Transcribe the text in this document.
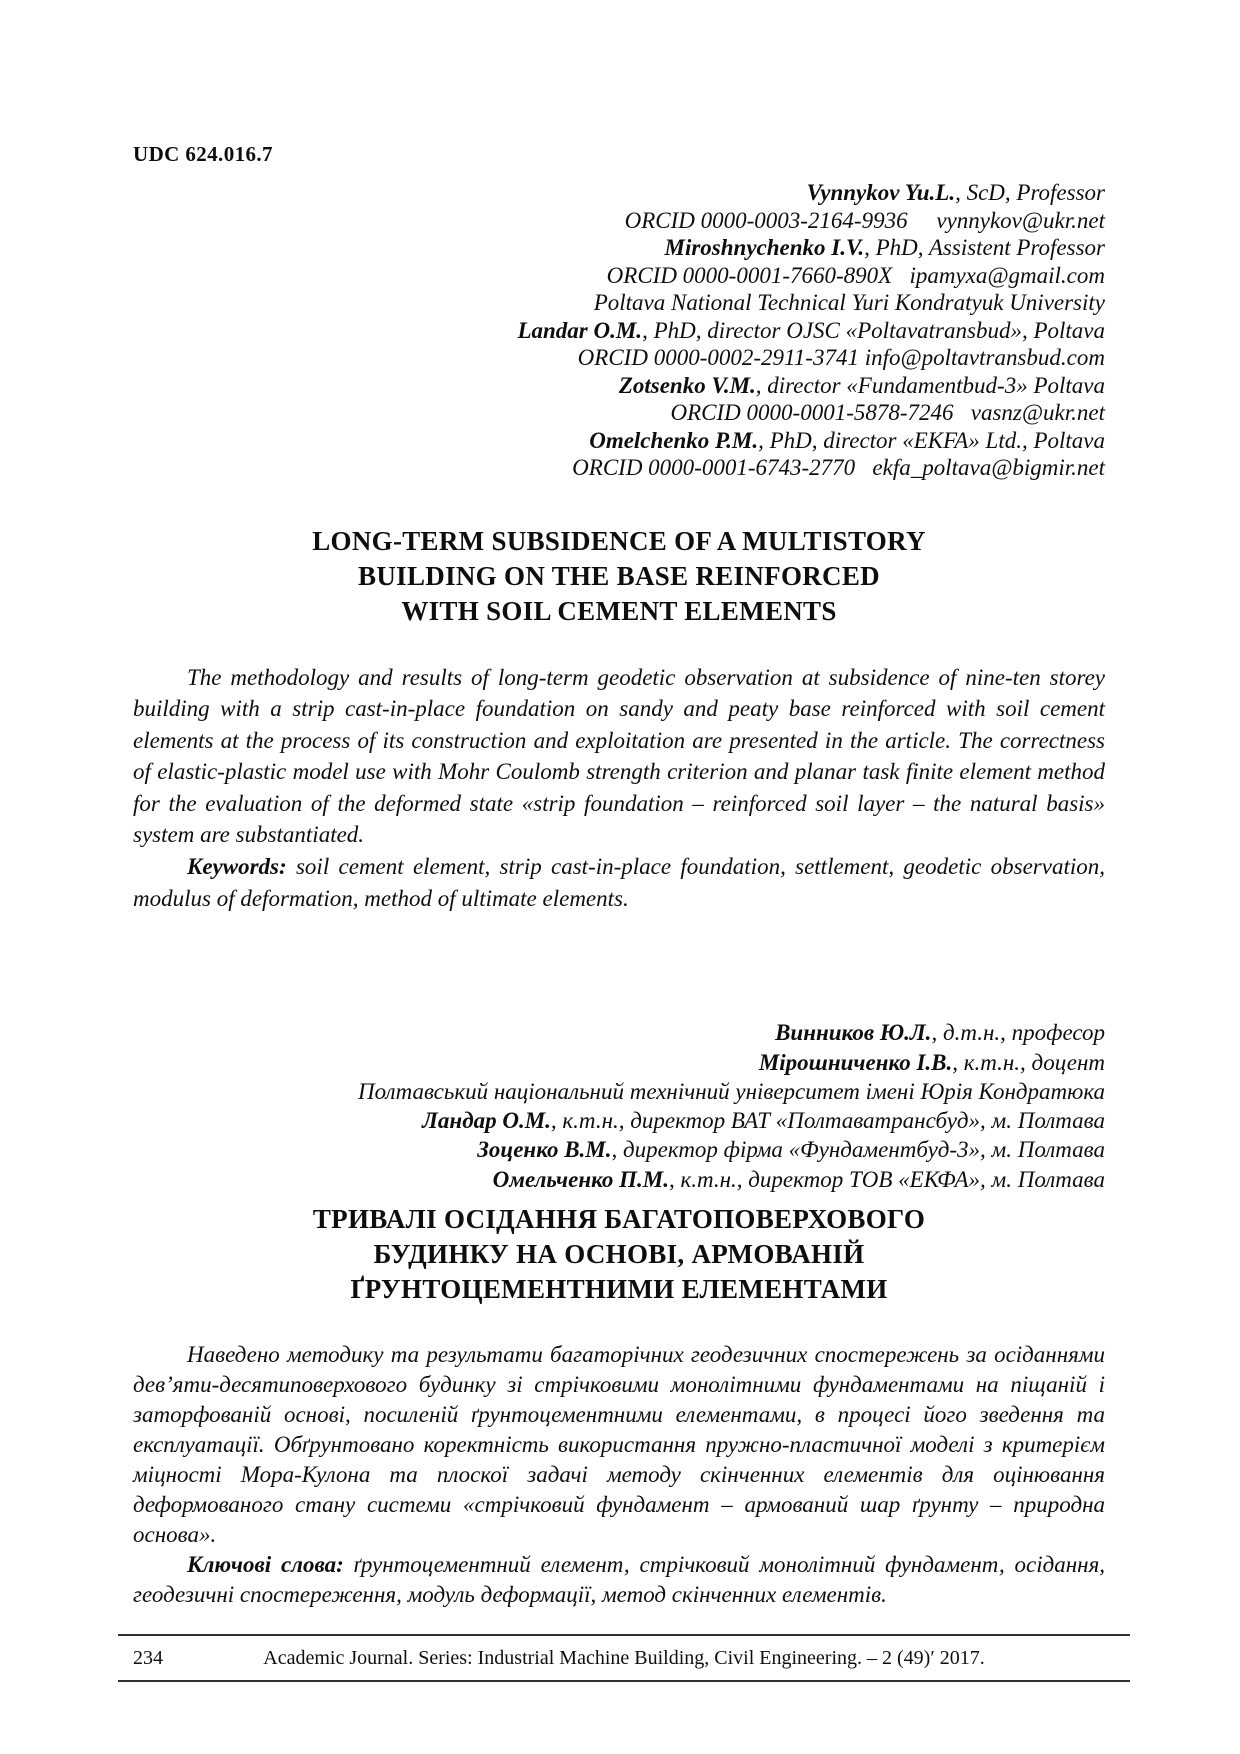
UDC 624.016.7
Vynnykov Yu.L., ScD, Professor
ORCID 0000-0003-2164-9936     vynnykov@ukr.net
Miroshnychenko I.V., PhD, Assistent Professor
ORCID 0000-0001-7660-890X   ipamyxa@gmail.com
Poltava National Technical Yuri Kondratyuk University
Landar O.M., PhD, director OJSC «Poltavatransbud», Poltava
ORCID 0000-0002-2911-3741 info@poltavtransbud.com
Zotsenko V.M., director «Fundamentbud-3» Poltava
ORCID 0000-0001-5878-7246   vasnz@ukr.net
Omelchenko P.M., PhD, director «EKFA» Ltd., Poltava
ORCID 0000-0001-6743-2770   ekfa_poltava@bigmir.net
LONG-TERM SUBSIDENCE OF A MULTISTORY
BUILDING ON THE BASE REINFORCED
WITH SOIL CEMENT ELEMENTS

The methodology and results of long-term geodetic observation at subsidence of nine-ten storey building with a strip cast-in-place foundation on sandy and peaty base reinforced with soil cement elements at the process of its construction and exploitation are presented in the article. The correctness of elastic-plastic model use with Mohr Coulomb strength criterion and planar task finite element method for the evaluation of the deformed state «strip foundation – reinforced soil layer – the natural basis» system are substantiated.

Keywords: soil cement element, strip cast-in-place foundation, settlement, geodetic observation, modulus of deformation, method of ultimate elements.

Винников Ю.Л., д.т.н., професор
Мірошниченко І.В., к.т.н., доцент
Полтавський національний технічний університет імені Юрія Кондратюка
Ландар О.М., к.т.н., директор ВАТ «Полтаватрансбуд», м. Полтава
Зоценко В.М., директор фірма «Фундаментбуд-3», м. Полтава
Омельченко П.М., к.т.н., директор ТОВ «ЕКФА», м. Полтава
ТРИВАЛІ ОСІДАННЯ БАГАТОПОВЕРХОВОГО
БУДИНКУ НА ОСНОВІ, АРМОВАНІЙ
ҐРУНТОЦЕМЕНТНИМИ ЕЛЕМЕНТАМИ

Наведено методику та результати багаторічних геодезичних спостережень за осіданнями дев’яти-десятиповерхового будинку зі стрічковими монолітними фундаментами на піщаній і заторфованій основі, посиленій ґрунтоцементними елементами, в процесі його зведення та експлуатації. Обґрунтовано коректність використання пружно-пластичної моделі з критерієм міцності Мора-Кулона та плоскої задачі методу скінченних елементів для оцінювання деформованого стану системи «стрічковий фундамент – армований шар ґрунту – природна основа».

Ключові слова: ґрунтоцементний елемент, стрічковий монолітний фундамент, осідання, геодезичні спостереження, модуль деформації, метод скінченних елементів.

234	Academic Journal. Series: Industrial Machine Building, Civil Engineering. – 2 (49)′ 2017.
